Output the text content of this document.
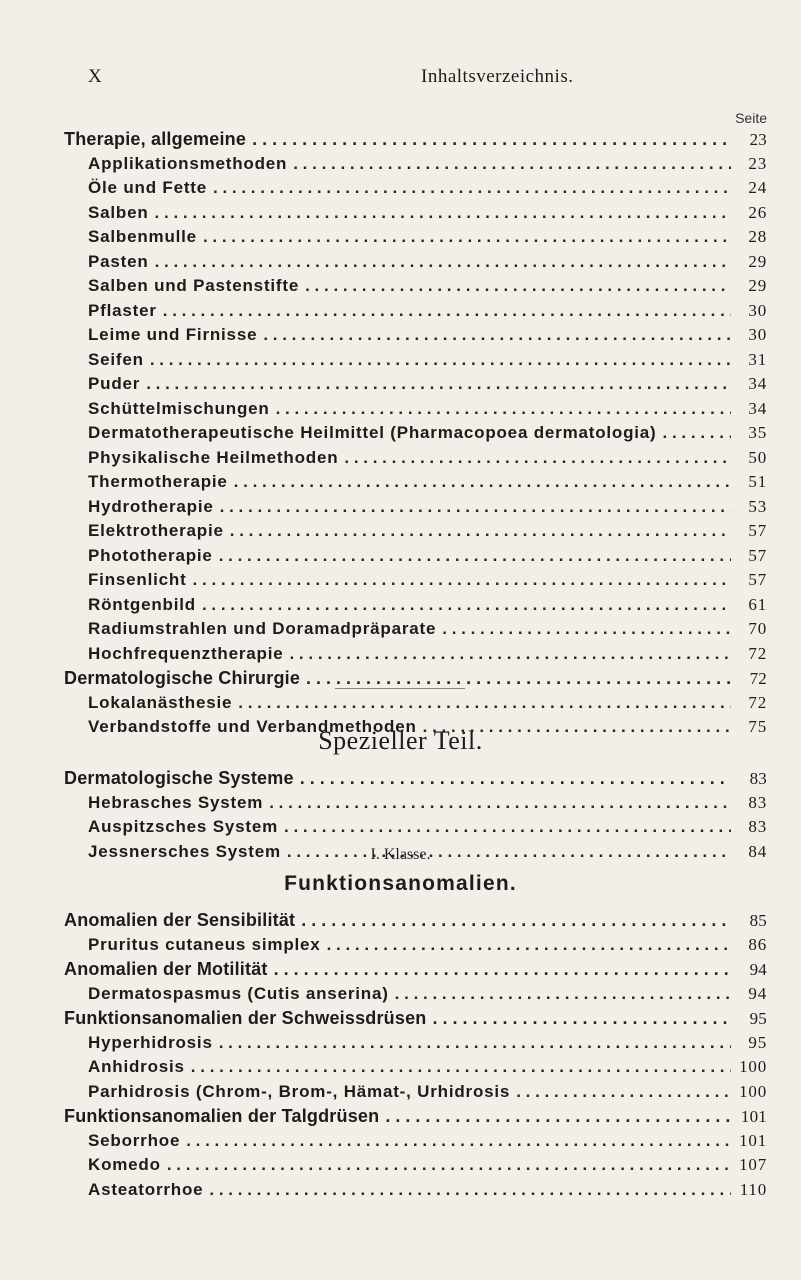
X	Inhaltsverzeichnis.
Seite
Therapie, allgemeine . . .	23
Applikationsmethoden . . .	23
Öle und Fette . . .	24
Salben . . .	26
Salbenmulle . . .	28
Pasten . . .	29
Salben und Pastenstifte . . .	29
Pflaster . . .	30
Leime und Firnisse . . .	30
Seifen . . .	31
Puder . . .	34
Schüttelmischungen . . .	34
Dermatotherapeutische Heilmittel (Pharmacopoea dermatologia) . . .	35
Physikalische Heilmethoden . . .	50
Thermotherapie . . .	51
Hydrotherapie . . .	53
Elektrotherapie . . .	57
Phototherapie . . .	57
Finsenlicht . . .	57
Röntgenbild . . .	61
Radiumstrahlen und Doramadpräparate . . .	70
Hochfrequenztherapie . . .	72
Dermatologische Chirurgie . . .	72
Lokalanästhesie . . .	72
Verbandstoffe und Verbandmethoden . . .	75
Spezieller Teil.
Dermatologische Systeme . . .	83
Hebrasches System . . .	83
Auspitzsches System . . .	83
Jessnersches System . . .	84
I. Klasse.
Funktionsanomalien.
Anomalien der Sensibilität . . .	85
Pruritus cutaneus simplex . . .	86
Anomalien der Motilität . . .	94
Dermatospasmus (Cutis anserina) . . .	94
Funktionsanomalien der Schweissdrüsen . . .	95
Hyperhidrosis . . .	95
Anhidrosis . . .	100
Parhidrosis (Chrom-, Brom-, Hämat-, Urhidrosis . . .	100
Funktionsanomalien der Talgdrüsen . . .	101
Seborrhoe . . .	101
Komedo . . .	107
Asteatorrhoe . . .	110
